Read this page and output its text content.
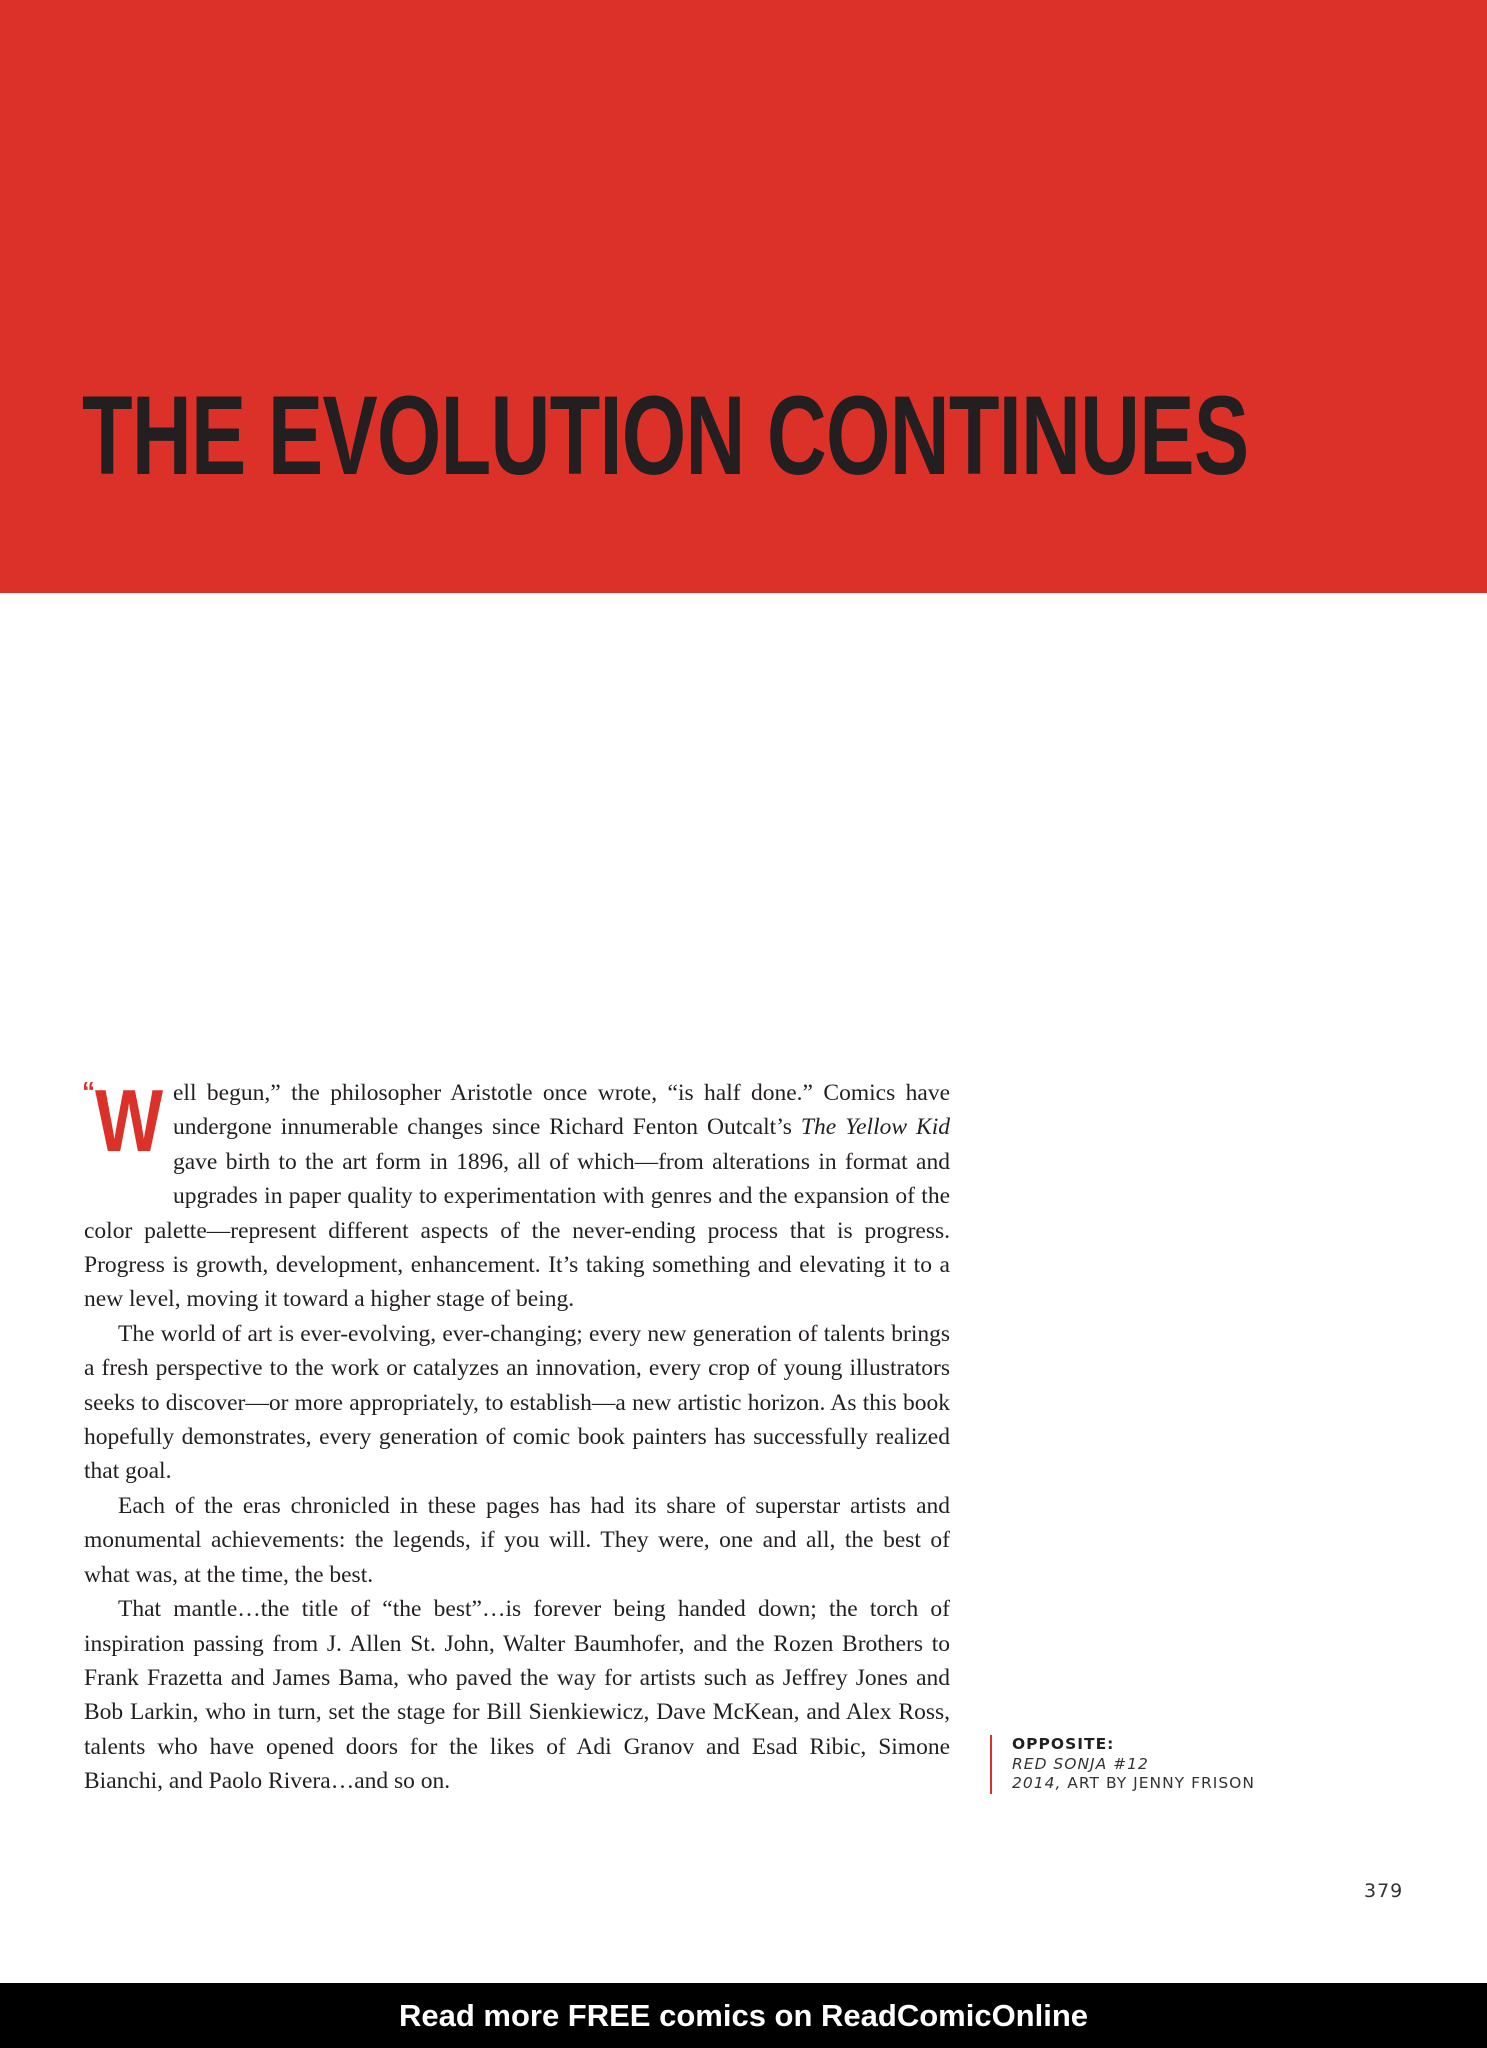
THE EVOLUTION CONTINUES

“ W ell begun,” the philosopher Aristotle once wrote, “is half done.” Comics have undergone innumerable changes since Richard Fenton Outcalt’s The Yellow Kid gave birth to the art form in 1896, all of which—from alterations in format and upgrades in paper quality to experimentation with genres and the expansion of the color palette—represent different aspects of the never-ending process that is progress. Progress is growth, development, enhancement. It’s taking something and elevating it to a new level, moving it toward a higher stage of being.

The world of art is ever-evolving, ever-changing; every new generation of talents brings a fresh perspective to the work or catalyzes an innovation, every crop of young illustrators seeks to discover—or more appropriately, to establish—a new artistic horizon. As this book hopefully demonstrates, every generation of comic book painters has successfully realized that goal.

Each of the eras chronicled in these pages has had its share of superstar artists and monumental achievements: the legends, if you will. They were, one and all, the best of what was, at the time, the best.

That mantle…the title of “the best”…is forever being handed down; the torch of inspiration passing from J. Allen St. John, Walter Baumhofer, and the Rozen Brothers to Frank Frazetta and James Bama, who paved the way for artists such as Jeffrey Jones and Bob Larkin, who in turn, set the stage for Bill Sienkiewicz, Dave McKean, and Alex Ross, talents who have opened doors for the likes of Adi Granov and Esad Ribic, Simone Bianchi, and Paolo Rivera…and so on.

OPPOSITE:
RED SONJA #12
2014, ART BY JENNY FRISON
379
Read more FREE comics on ReadComicOnline
